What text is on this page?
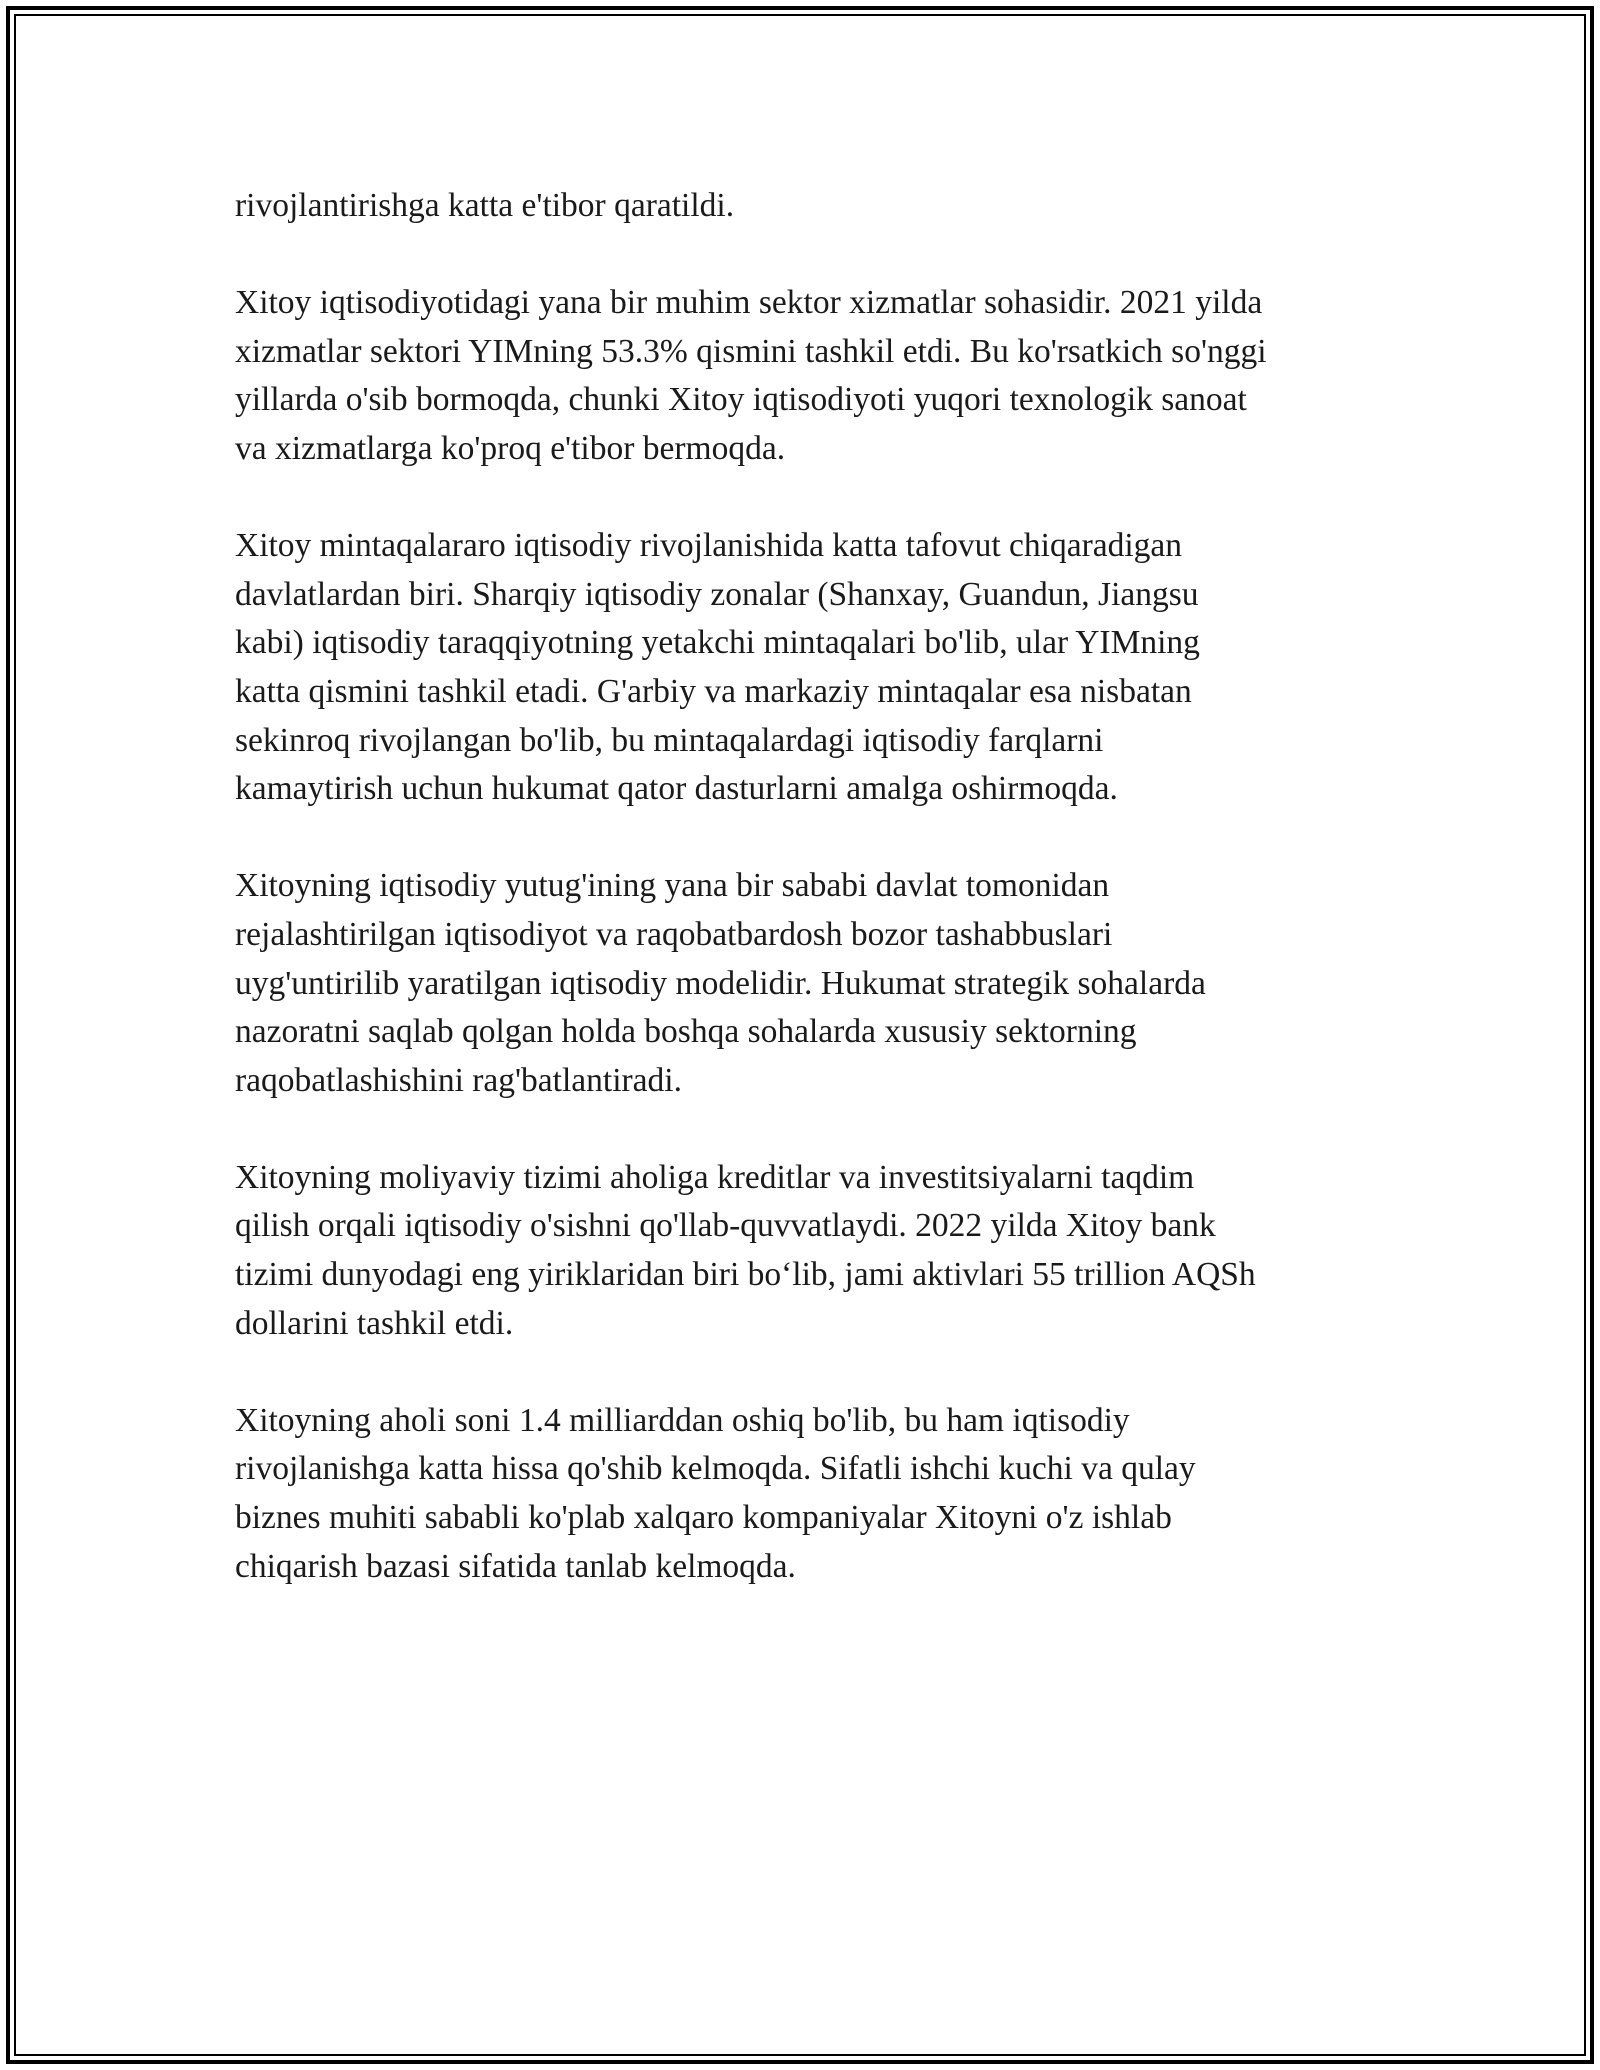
rivojlantirishga katta e'tibor qaratildi.

Xitoy iqtisodiyotidagi yana bir muhim sektor xizmatlar sohasidir. 2021 yilda
xizmatlar sektori YIMning 53.3% qismini tashkil etdi. Bu ko'rsatkich so'nggi
yillarda o'sib bormoqda, chunki Xitoy iqtisodiyoti yuqori texnologik sanoat
va xizmatlarga ko'proq e'tibor bermoqda.

Xitoy mintaqalararo iqtisodiy rivojlanishida katta tafovut chiqaradigan
davlatlardan biri. Sharqiy iqtisodiy zonalar (Shanxay, Guandun, Jiangsu
kabi) iqtisodiy taraqqiyotning yetakchi mintaqalari bo'lib, ular YIMning
katta qismini tashkil etadi. G'arbiy va markaziy mintaqalar esa nisbatan
sekinroq rivojlangan bo'lib, bu mintaqalardagi iqtisodiy farqlarni
kamaytirish uchun hukumat qator dasturlarni amalga oshirmoqda.

Xitoyning iqtisodiy yutug'ining yana bir sababi davlat tomonidan
rejalashtirilgan iqtisodiyot va raqobatbardosh bozor tashabbuslari
uyg'untirilib yaratilgan iqtisodiy modelidir. Hukumat strategik sohalarda
nazoratni saqlab qolgan holda boshqa sohalarda xususiy sektorning
raqobatlashishini rag'batlantiradi.

Xitoyning moliyaviy tizimi aholiga kreditlar va investitsiyalarni taqdim
qilish orqali iqtisodiy o'sishni qo'llab-quvvatlaydi. 2022 yilda Xitoy bank
tizimi dunyodagi eng yiriklaridan biri bo‘lib, jami aktivlari 55 trillion AQSh
dollarini tashkil etdi.

Xitoyning aholi soni 1.4 milliarddan oshiq bo'lib, bu ham iqtisodiy
rivojlanishga katta hissa qo'shib kelmoqda. Sifatli ishchi kuchi va qulay
biznes muhiti sababli ko'plab xalqaro kompaniyalar Xitoyni o'z ishlab
chiqarish bazasi sifatida tanlab kelmoqda.
